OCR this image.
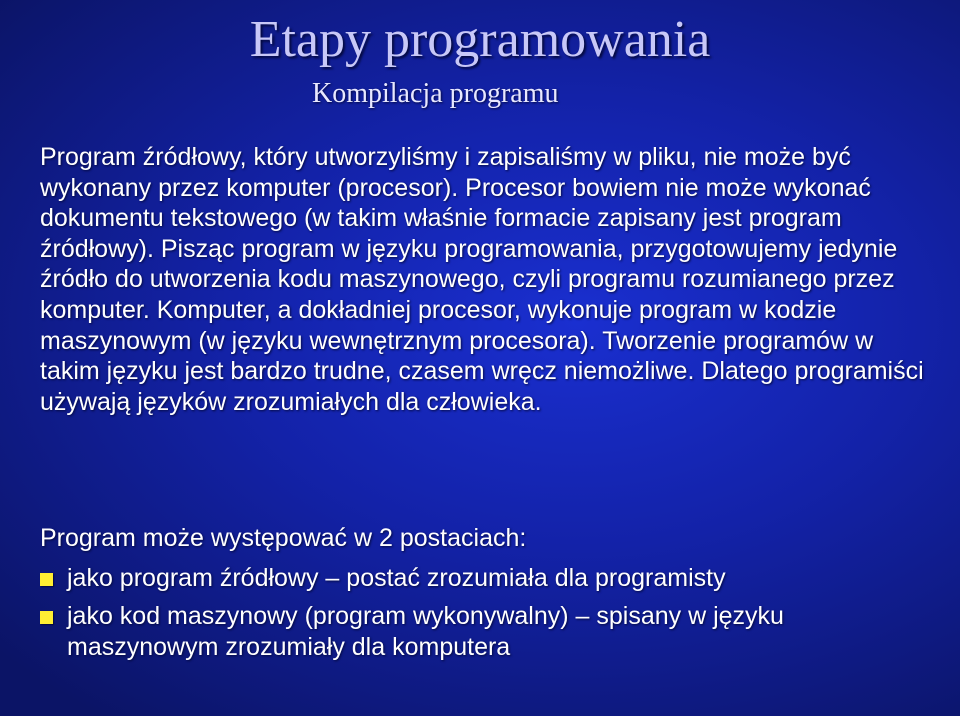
Etapy programowania
Kompilacja programu

Program źródłowy, który utworzyliśmy i zapisaliśmy w pliku, nie może być wykonany przez komputer (procesor). Procesor bowiem nie może wykonać dokumentu tekstowego (w takim właśnie formacie zapisany jest program źródłowy). Pisząc program w języku programowania, przygotowujemy jedynie źródło do utworzenia kodu maszynowego, czyli programu rozumianego przez komputer. Komputer, a dokładniej procesor, wykonuje program w kodzie maszynowym (w języku wewnętrznym procesora). Tworzenie programów w takim języku jest bardzo trudne, czasem wręcz niemożliwe. Dlatego programiści używają języków zrozumiałych dla człowieka.

Program może występować w 2 postaciach:
jako program źródłowy – postać zrozumiała dla programisty
jako kod maszynowy (program wykonywalny) – spisany w języku maszynowym zrozumiały dla komputera
